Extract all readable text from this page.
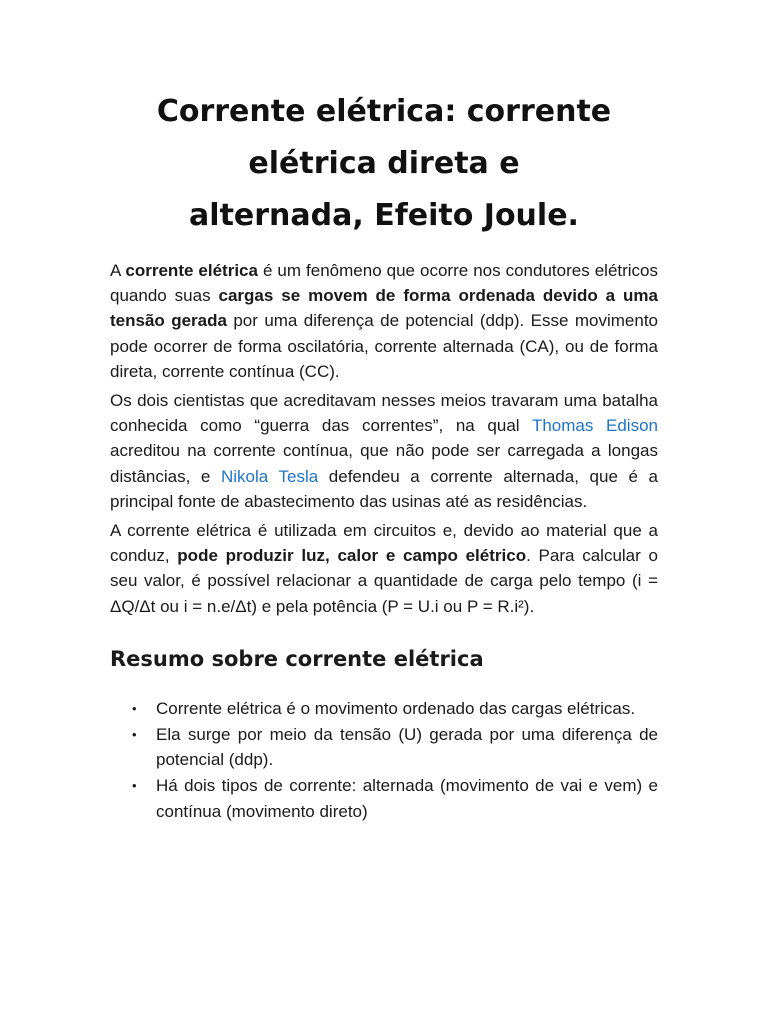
Corrente elétrica: corrente
elétrica direta e
alternada, Efeito Joule.

A corrente elétrica é um fenômeno que ocorre nos condutores elétricos quando suas cargas se movem de forma ordenada devido a uma tensão gerada por uma diferença de potencial (ddp). Esse movimento pode ocorrer de forma oscilatória, corrente alternada (CA), ou de forma direta, corrente contínua (CC).

Os dois cientistas que acreditavam nesses meios travaram uma batalha conhecida como “guerra das correntes”, na qual Thomas Edison acreditou na corrente contínua, que não pode ser carregada a longas distâncias, e Nikola Tesla defendeu a corrente alternada, que é a principal fonte de abastecimento das usinas até as residências.

A corrente elétrica é utilizada em circuitos e, devido ao material que a conduz, pode produzir luz, calor e campo elétrico. Para calcular o seu valor, é possível relacionar a quantidade de carga pelo tempo (i = ΔQ/Δt ou i = n.e/Δt) e pela potência (P = U.i ou P = R.i²).

Resumo sobre corrente elétrica
• Corrente elétrica é o movimento ordenado das cargas elétricas.
• Ela surge por meio da tensão (U) gerada por uma diferença de potencial (ddp).
• Há dois tipos de corrente: alternada (movimento de vai e vem) e contínua (movimento direto)
